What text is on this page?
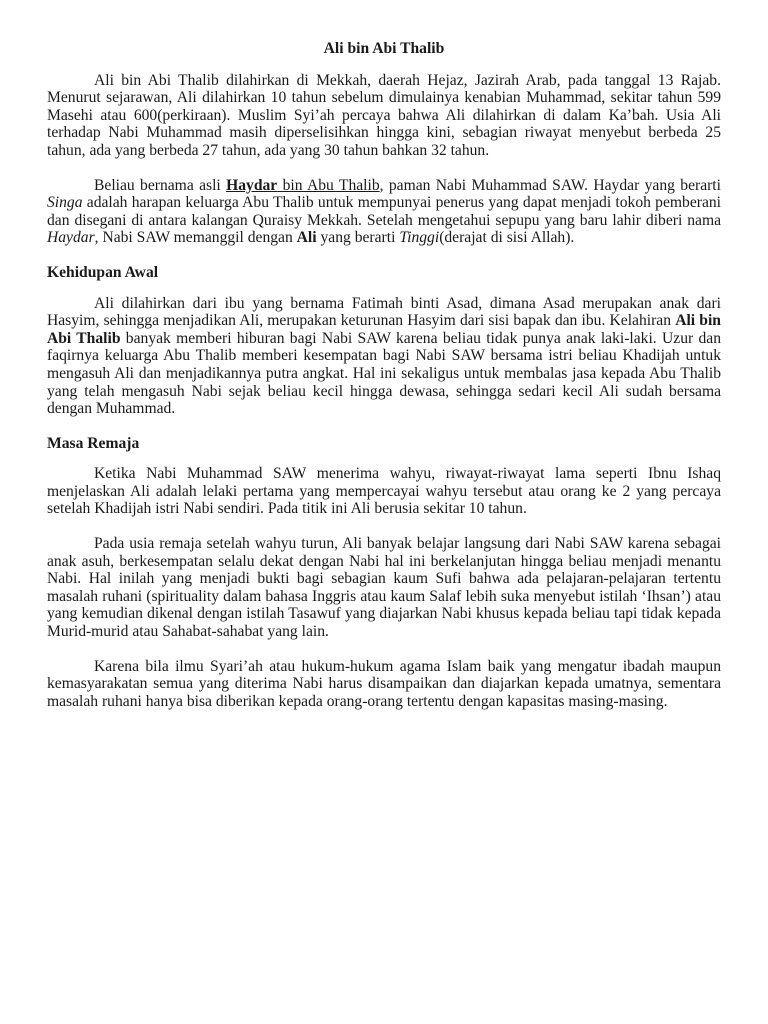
Ali bin Abi Thalib

Ali bin Abi Thalib dilahirkan di Mekkah, daerah Hejaz, Jazirah Arab, pada tanggal 13 Rajab. Menurut sejarawan, Ali dilahirkan 10 tahun sebelum dimulainya kenabian Muhammad, sekitar tahun 599 Masehi atau 600(perkiraan). Muslim Syi’ah percaya bahwa Ali dilahirkan di dalam Ka’bah. Usia Ali terhadap Nabi Muhammad masih diperselisihkan hingga kini, sebagian riwayat menyebut berbeda 25 tahun, ada yang berbeda 27 tahun, ada yang 30 tahun bahkan 32 tahun.

Beliau bernama asli Haydar bin Abu Thalib, paman Nabi Muhammad SAW. Haydar yang berarti Singa adalah harapan keluarga Abu Thalib untuk mempunyai penerus yang dapat menjadi tokoh pemberani dan disegani di antara kalangan Quraisy Mekkah. Setelah mengetahui sepupu yang baru lahir diberi nama Haydar, Nabi SAW memanggil dengan Ali yang berarti Tinggi(derajat di sisi Allah).

Kehidupan Awal

Ali dilahirkan dari ibu yang bernama Fatimah binti Asad, dimana Asad merupakan anak dari Hasyim, sehingga menjadikan Ali, merupakan keturunan Hasyim dari sisi bapak dan ibu. Kelahiran Ali bin Abi Thalib banyak memberi hiburan bagi Nabi SAW karena beliau tidak punya anak laki-laki. Uzur dan faqirnya keluarga Abu Thalib memberi kesempatan bagi Nabi SAW bersama istri beliau Khadijah untuk mengasuh Ali dan menjadikannya putra angkat. Hal ini sekaligus untuk membalas jasa kepada Abu Thalib yang telah mengasuh Nabi sejak beliau kecil hingga dewasa, sehingga sedari kecil Ali sudah bersama dengan Muhammad.

Masa Remaja

Ketika Nabi Muhammad SAW menerima wahyu, riwayat-riwayat lama seperti Ibnu Ishaq menjelaskan Ali adalah lelaki pertama yang mempercayai wahyu tersebut atau orang ke 2 yang percaya setelah Khadijah istri Nabi sendiri. Pada titik ini Ali berusia sekitar 10 tahun.

Pada usia remaja setelah wahyu turun, Ali banyak belajar langsung dari Nabi SAW karena sebagai anak asuh, berkesempatan selalu dekat dengan Nabi hal ini berkelanjutan hingga beliau menjadi menantu Nabi. Hal inilah yang menjadi bukti bagi sebagian kaum Sufi bahwa ada pelajaran-pelajaran tertentu masalah ruhani (spirituality dalam bahasa Inggris atau kaum Salaf lebih suka menyebut istilah ‘Ihsan’) atau yang kemudian dikenal dengan istilah Tasawuf yang diajarkan Nabi khusus kepada beliau tapi tidak kepada Murid-murid atau Sahabat-sahabat yang lain.

Karena bila ilmu Syari’ah atau hukum-hukum agama Islam baik yang mengatur ibadah maupun kemasyarakatan semua yang diterima Nabi harus disampaikan dan diajarkan kepada umatnya, sementara masalah ruhani hanya bisa diberikan kepada orang-orang tertentu dengan kapasitas masing-masing.
